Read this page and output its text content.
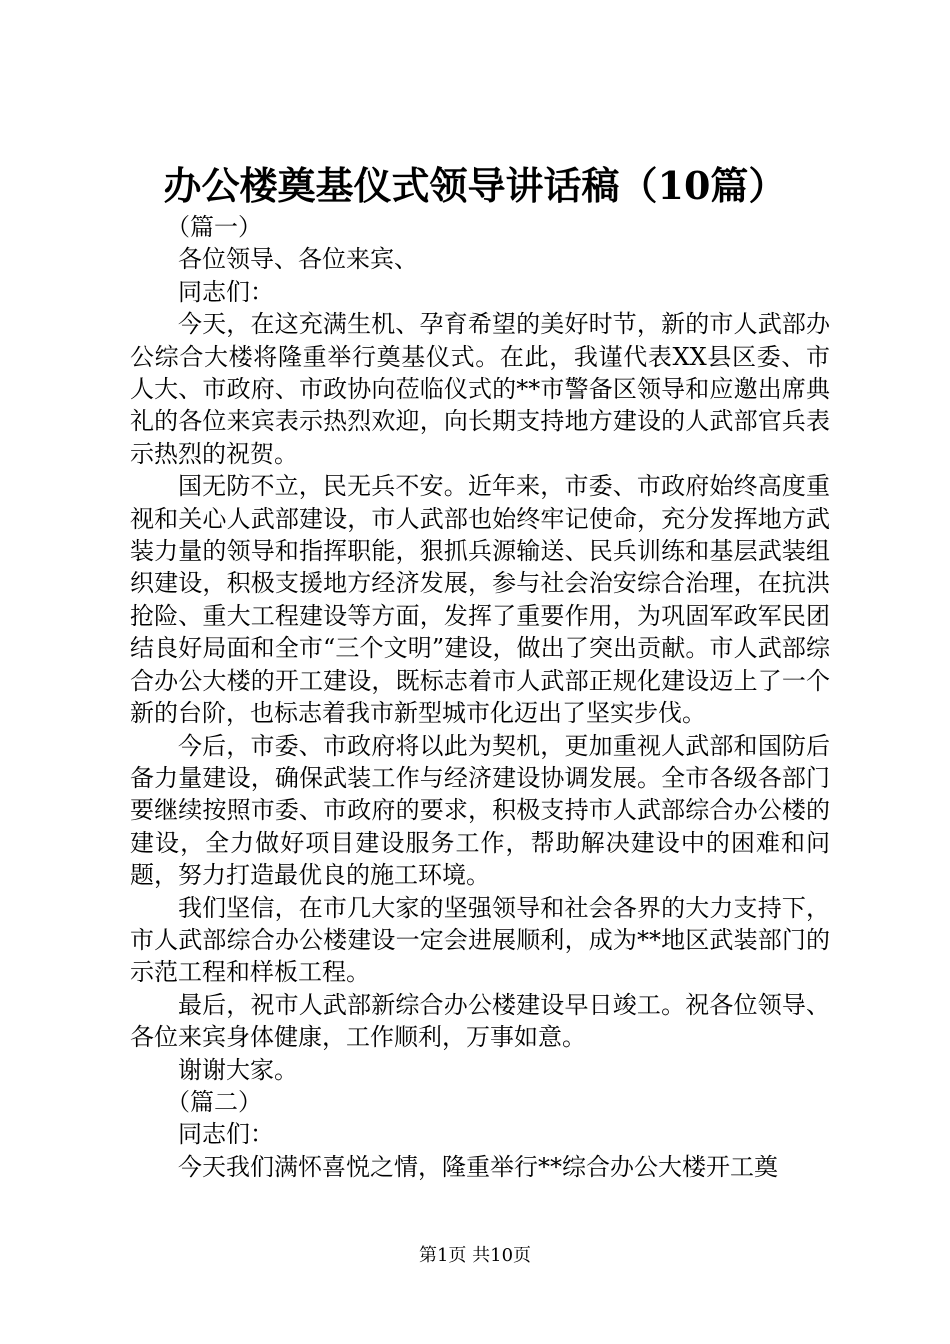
办公楼奠基仪式领导讲话稿（10篇）

（篇一）

各位领导、各位来宾、

同志们：

今天，在这充满生机、孕育希望的美好时节，新的市人武部办公综合大楼将隆重举行奠基仪式。在此，我谨代表XX县区委、市人大、市政府、市政协向莅临仪式的**市警备区领导和应邀出席典礼的各位来宾表示热烈欢迎，向长期支持地方建设的人武部官兵表示热烈的祝贺。

国无防不立，民无兵不安。近年来，市委、市政府始终高度重视和关心人武部建设，市人武部也始终牢记使命，充分发挥地方武装力量的领导和指挥职能，狠抓兵源输送、民兵训练和基层武装组织建设，积极支援地方经济发展，参与社会治安综合治理，在抗洪抢险、重大工程建设等方面，发挥了重要作用，为巩固军政军民团结良好局面和全市“三个文明”建设，做出了突出贡献。市人武部综合办公大楼的开工建设，既标志着市人武部正规化建设迈上了一个新的台阶，也标志着我市新型城市化迈出了坚实步伐。

今后，市委、市政府将以此为契机，更加重视人武部和国防后备力量建设，确保武装工作与经济建设协调发展。全市各级各部门要继续按照市委、市政府的要求，积极支持市人武部综合办公楼的建设，全力做好项目建设服务工作，帮助解决建设中的困难和问题，努力打造最优良的施工环境。

我们坚信，在市几大家的坚强领导和社会各界的大力支持下，市人武部综合办公楼建设一定会进展顺利，成为**地区武装部门的示范工程和样板工程。

最后，祝市人武部新综合办公楼建设早日竣工。祝各位领导、各位来宾身体健康，工作顺利，万事如意。

谢谢大家。

（篇二）

同志们：

今天我们满怀喜悦之情，隆重举行**综合办公大楼开工奠

第1页 共10页
